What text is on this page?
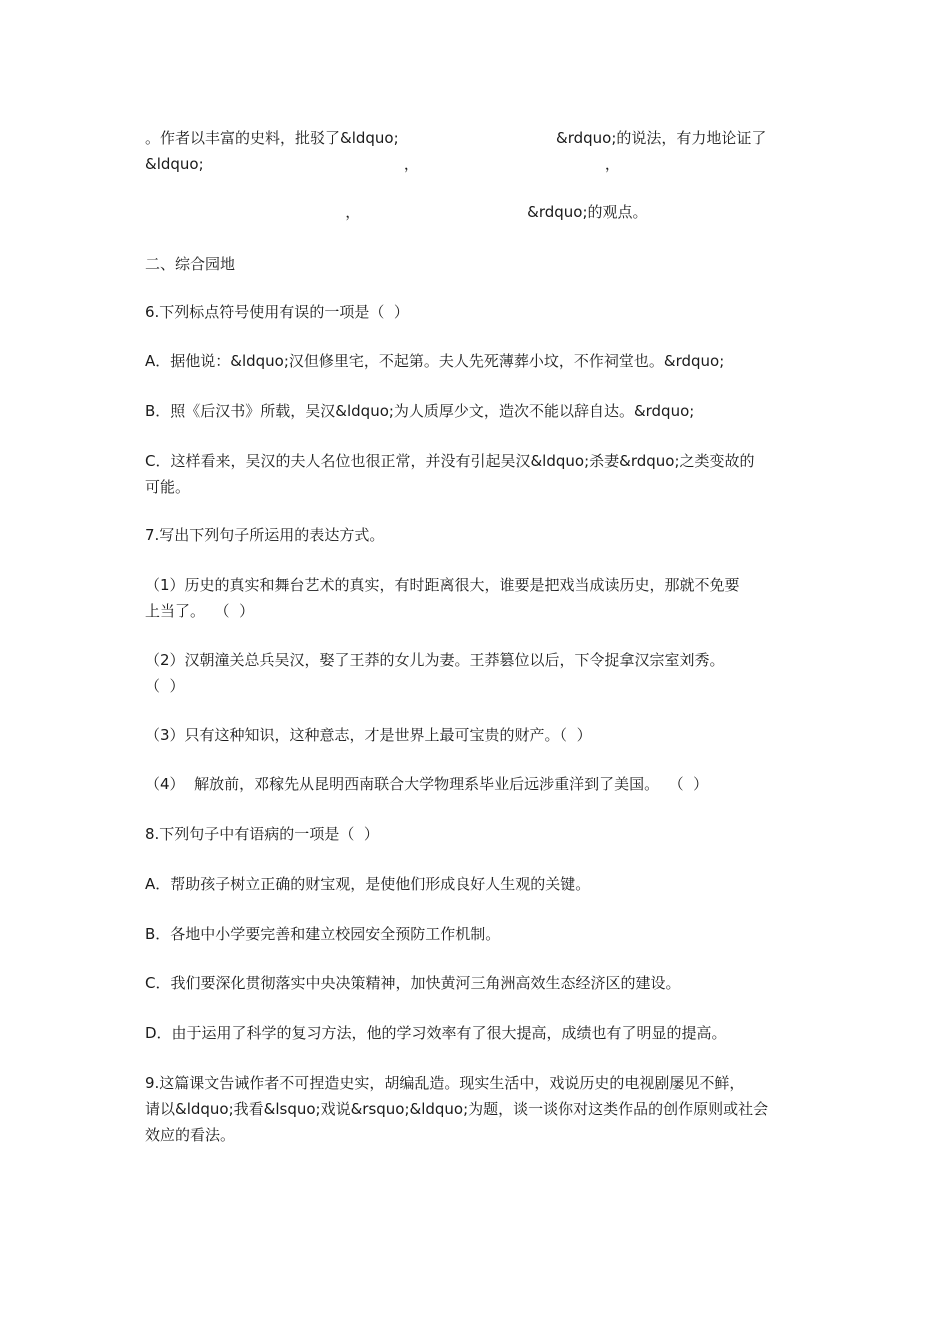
。作者以丰富的史料，批驳了&ldquo;                                 &rdquo;的说法，有力地论证了
&ldquo;                                          ，                                       ，
，                                   &rdquo;的观点。
二、综合园地
6.下列标点符号使用有误的一项是（  ）
A．据他说：&ldquo;汉但修里宅，不起第。夫人先死薄葬小坟，不作祠堂也。&rdquo;
B．照《后汉书》所载，吴汉&ldquo;为人质厚少文，造次不能以辞自达。&rdquo;
C．这样看来，吴汉的夫人名位也很正常，并没有引起吴汉&ldquo;杀妻&rdquo;之类变故的
可能。
7.写出下列句子所运用的表达方式。
（1）历史的真实和舞台艺术的真实，有时距离很大，谁要是把戏当成读历史，那就不免要
上当了。  （  ）
（2）汉朝潼关总兵吴汉，娶了王莽的女儿为妻。王莽篡位以后，下令捉拿汉宗室刘秀。
（  ）
（3）只有这种知识，这种意志，才是世界上最可宝贵的财产。（  ）
（4）  解放前，邓稼先从昆明西南联合大学物理系毕业后远涉重洋到了美国。  （  ）
8.下列句子中有语病的一项是（  ）
A．帮助孩子树立正确的财宝观，是使他们形成良好人生观的关键。
B．各地中小学要完善和建立校园安全预防工作机制。
C．我们要深化贯彻落实中央决策精神，加快黄河三角洲高效生态经济区的建设。
D．由于运用了科学的复习方法，他的学习效率有了很大提高，成绩也有了明显的提高。
9.这篇课文告诫作者不可捏造史实，胡编乱造。现实生活中，戏说历史的电视剧屡见不鲜，
请以&ldquo;我看&lsquo;戏说&rsquo;&ldquo;为题，谈一谈你对这类作品的创作原则或社会
效应的看法。
